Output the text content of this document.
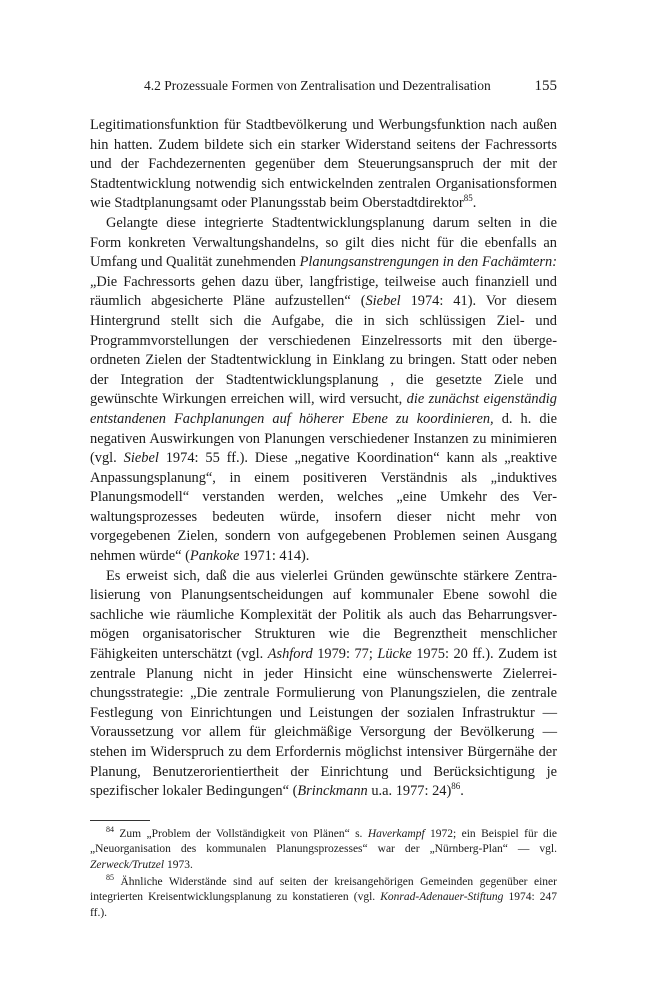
4.2 Prozessuale Formen von Zentralisation und Dezentralisation	155

Legitimationsfunktion für Stadtbevölkerung und Werbungsfunktion nach außen hin hatten. Zudem bildete sich ein starker Widerstand seitens der Fachressorts und der Fachdezernenten gegenüber dem Steuerungsanspruch der mit der Stadtentwicklung notwendig sich entwickelnden zentralen Organisationsformen wie Stadtplanungsamt oder Planungsstab beim Oberstadtdirektor$^{85}$.

Gelangte diese integrierte Stadtentwicklungsplanung darum selten in die Form konkreten Verwaltungshandelns, so gilt dies nicht für die ebenfalls an Umfang und Qualität zunehmenden Planungsanstrengungen in den Fachämtern: „Die Fachressorts gehen dazu über, langfristige, teilweise auch finanziell und räumlich abgesicherte Pläne aufzustellen“ (Siebel 1974: 41). Vor diesem Hintergrund stellt sich die Aufgabe, die in sich schlüssigen Ziel- und Programmvorstellungen der verschiedenen Einzelressorts mit den übergeordneten Zielen der Stadtentwicklung in Einklang zu bringen. Statt oder neben der Integration der Stadtentwicklungsplanung , die gesetzte Ziele und gewünschte Wirkungen erreichen will, wird versucht, die zunächst eigenständig entstandenen Fachplanungen auf höherer Ebene zu koordinieren, d. h. die negativen Auswirkungen von Planungen verschiedener Instanzen zu minimieren (vgl. Siebel 1974: 55 ff.). Diese „negative Koordination“ kann als „reaktive Anpassungsplanung“, in einem positiveren Verständnis als „induktives Planungsmodell“ verstanden werden, welches „eine Umkehr des Verwaltungsprozesses bedeuten würde, insofern dieser nicht mehr von vorgegebenen Zielen, sondern von aufgegebenen Problemen seinen Ausgang nehmen würde“ (Pankoke 1971: 414).

Es erweist sich, daß die aus vielerlei Gründen gewünschte stärkere Zentralisierung von Planungsentscheidungen auf kommunaler Ebene sowohl die sachliche wie räumliche Komplexität der Politik als auch das Beharrungsvermögen organisatorischer Strukturen wie die Begrenztheit menschlicher Fähigkeiten unterschätzt (vgl. Ashford 1979: 77; Lücke 1975: 20 ff.). Zudem ist zentrale Planung nicht in jeder Hinsicht eine wünschenswerte Zielerreichungsstrategie: „Die zentrale Formulierung von Planungszielen, die zentrale Festlegung von Einrichtungen und Leistungen der sozialen Infrastruktur — Voraussetzung vor allem für gleichmäßige Versorgung der Bevölkerung — stehen im Widerspruch zu dem Erfordernis möglichst intensiver Bürgernähe der Planung, Benutzerorientiertheit der Einrichtung und Berücksichtigung je spezifischer lokaler Bedingungen“ (Brinckmann u.a. 1977: 24)$^{86}$.

$^{84}$ Zum „Problem der Vollständigkeit von Plänen“ s. Haverkampf 1972; ein Beispiel für die „Neuorganisation des kommunalen Planungsprozesses“ war der „Nürnberg-Plan“ — vgl. Zerweck/Trutzel 1973.

$^{85}$ Ähnliche Widerstände sind auf seiten der kreisangehörigen Gemeinden gegenüber einer integrierten Kreisentwicklungsplanung zu konstatieren (vgl. Konrad-Adenauer-Stiftung 1974: 247 ff.).
